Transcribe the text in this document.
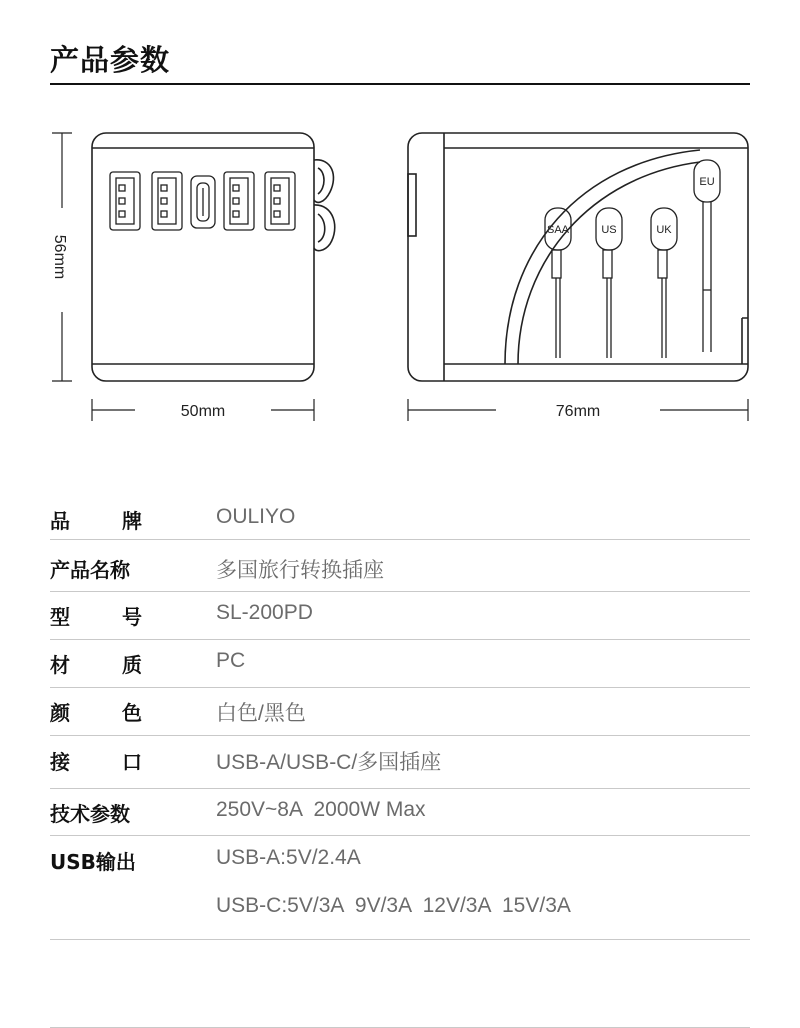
产品参数
56mm
50mm
SAA	US	UK
EU
76mm
品	牌	OULIYO
产品名称	多国旅行转换插座
型	号	SL-200PD
材	质	PC
颜	色	白色/黑色
接	口	USB-A/USB-C/多国插座
技术参数	250V~8A  2000W Max
USB输出	USB-A:5V/2.4A
USB-C:5V/3A  9V/3A  12V/3A  15V/3A
